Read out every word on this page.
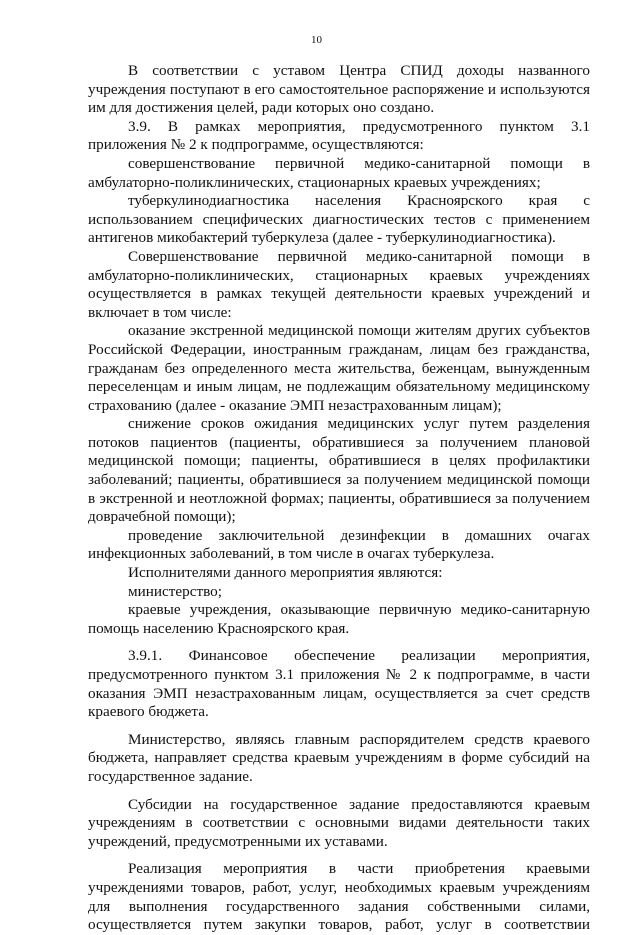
10

В соответствии с уставом Центра СПИД доходы названного учреждения поступают в его самостоятельное распоряжение и используются им для достижения целей, ради которых оно создано.

3.9. В рамках мероприятия, предусмотренного пунктом 3.1 приложения № 2 к подпрограмме, осуществляются:

совершенствование первичной медико-санитарной помощи в амбулаторно-поликлинических, стационарных краевых учреждениях;

туберкулинодиагностика населения Красноярского края с использованием специфических диагностических тестов с применением антигенов микобактерий туберкулеза (далее - туберкулинодиагностика).

Совершенствование первичной медико-санитарной помощи в амбулаторно-поликлинических, стационарных краевых учреждениях осуществляется в рамках текущей деятельности краевых учреждений и включает в том числе:

оказание экстренной медицинской помощи жителям других субъектов Российской Федерации, иностранным гражданам, лицам без гражданства, гражданам без определенного места жительства, беженцам, вынужденным переселенцам и иным лицам, не подлежащим обязательному медицинскому страхованию (далее - оказание ЭМП незастрахованным лицам);

снижение сроков ожидания медицинских услуг путем разделения потоков пациентов (пациенты, обратившиеся за получением плановой медицинской помощи; пациенты, обратившиеся в целях профилактики заболеваний; пациенты, обратившиеся за получением медицинской помощи в экстренной и неотложной формах; пациенты, обратившиеся за получением доврачебной помощи);

проведение заключительной дезинфекции в домашних очагах инфекционных заболеваний, в том числе в очагах туберкулеза.

Исполнителями данного мероприятия являются:

министерство;

краевые учреждения, оказывающие первичную медико-санитарную помощь населению Красноярского края.

3.9.1. Финансовое обеспечение реализации мероприятия, предусмотренного пунктом 3.1 приложения № 2 к подпрограмме, в части оказания ЭМП незастрахованным лицам, осуществляется за счет средств краевого бюджета.

Министерство, являясь главным распорядителем средств краевого бюджета, направляет средства краевым учреждениям в форме субсидий на государственное задание.

Субсидии на государственное задание предоставляются краевым учреждениям в соответствии с основными видами деятельности таких учреждений, предусмотренными их уставами.

Реализация мероприятия в части приобретения краевыми учреждениями товаров, работ, услуг, необходимых краевым учреждениям для выполнения государственного задания собственными силами, осуществляется путем закупки товаров, работ, услуг в соответствии
